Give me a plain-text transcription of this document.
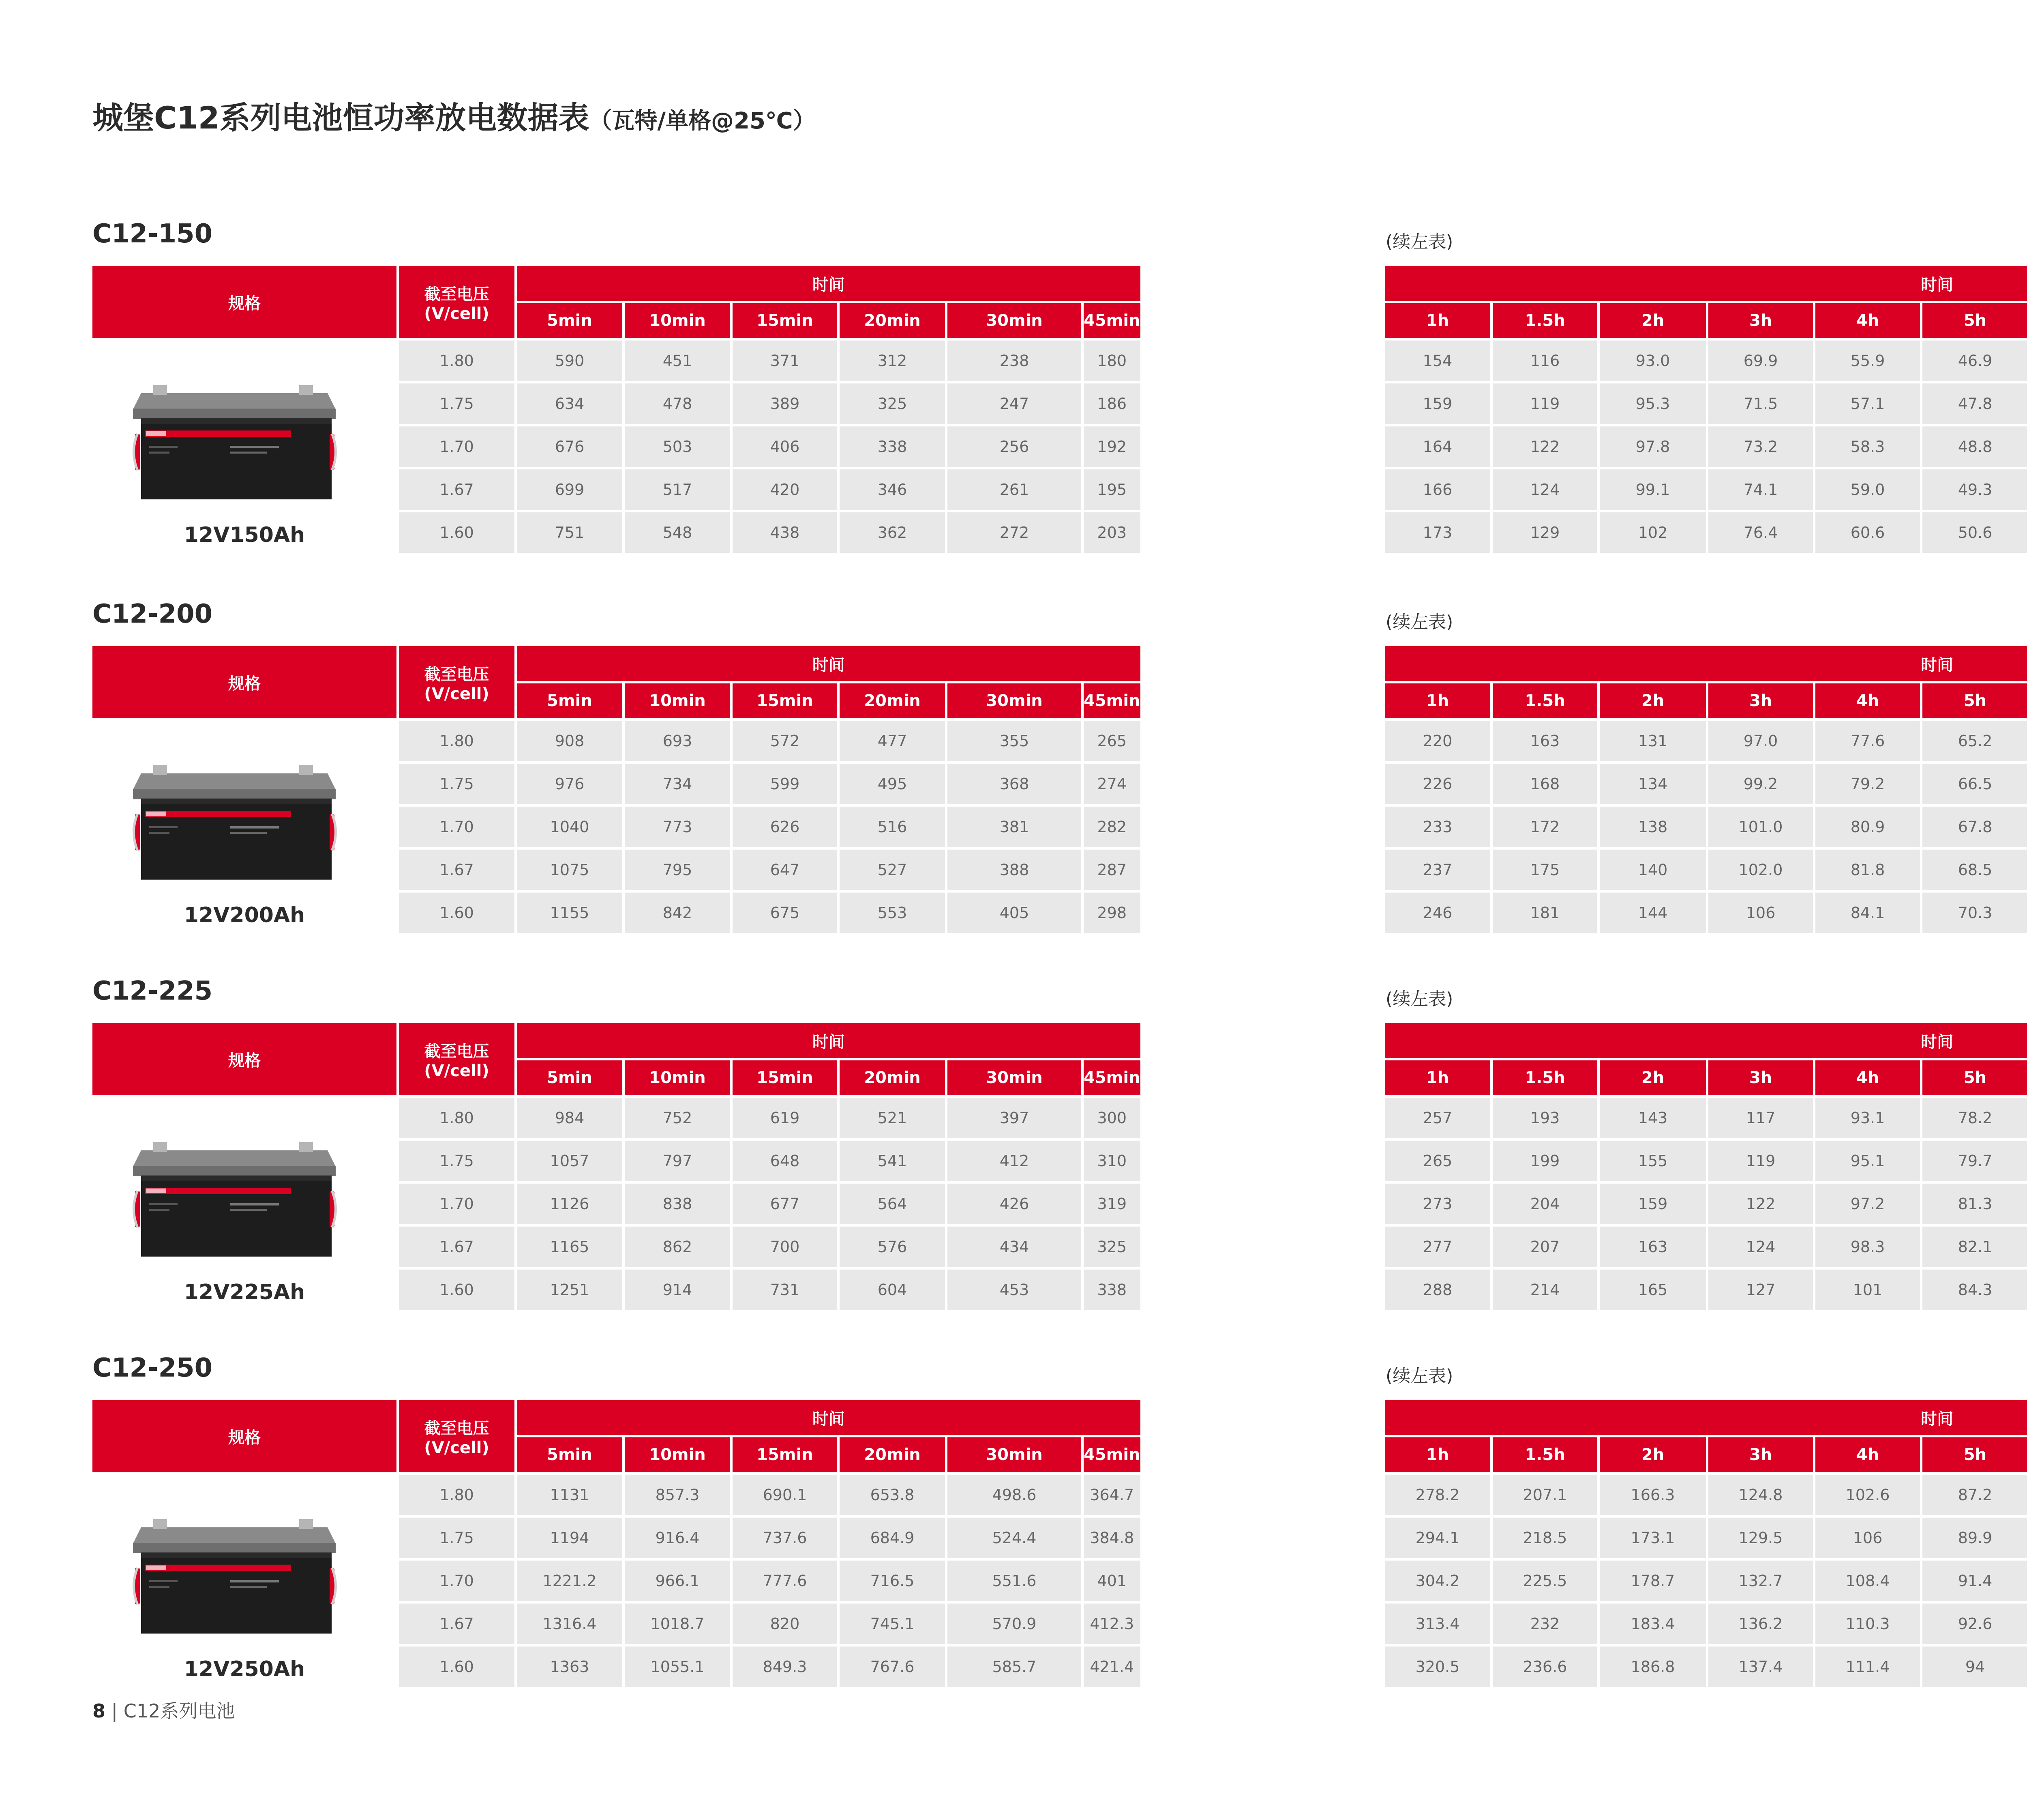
城堡C12系列电池恒功率放电数据表（瓦特/单格@25℃）
C12-150	(续左表)
规格	截至电压
(V/cell)	时间					
		5min	10min	15min	20min	30min	45min

12V150Ah	1.80	590	451	371	312	238	180
	1.75	634	478	389	325	247	186
	1.70	676	503	406	338	256	192
	1.67	699	517	420	346	261	195
	1.60	751	548	438	362	272	203
时间									
1h	1.5h	2h	3h	4h	5h				
154	116	93.0	69.9	55.9	46.9				
159	119	95.3	71.5	57.1	47.8				
164	122	97.8	73.2	58.3	48.8				
166	124	99.1	74.1	59.0	49.3				
173	129	102	76.4	60.6	50.6				
C12-200	(续左表)
规格	截至电压
(V/cell)	时间					
		5min	10min	15min	20min	30min	45min

12V200Ah	1.80	908	693	572	477	355	265
	1.75	976	734	599	495	368	274
	1.70	1040	773	626	516	381	282
	1.67	1075	795	647	527	388	287
	1.60	1155	842	675	553	405	298
时间									
1h	1.5h	2h	3h	4h	5h				
220	163	131	97.0	77.6	65.2				
226	168	134	99.2	79.2	66.5				
233	172	138	101.0	80.9	67.8				
237	175	140	102.0	81.8	68.5				
246	181	144	106	84.1	70.3				
C12-225	(续左表)
规格	截至电压
(V/cell)	时间					
		5min	10min	15min	20min	30min	45min

12V225Ah	1.80	984	752	619	521	397	300
	1.75	1057	797	648	541	412	310
	1.70	1126	838	677	564	426	319
	1.67	1165	862	700	576	434	325
	1.60	1251	914	731	604	453	338
时间									
1h	1.5h	2h	3h	4h	5h				
257	193	143	117	93.1	78.2				
265	199	155	119	95.1	79.7				
273	204	159	122	97.2	81.3				
277	207	163	124	98.3	82.1				
288	214	165	127	101	84.3				
C12-250	(续左表)
规格	截至电压
(V/cell)	时间					
		5min	10min	15min	20min	30min	45min

12V250Ah	1.80	1131	857.3	690.1	653.8	498.6	364.7
	1.75	1194	916.4	737.6	684.9	524.4	384.8
	1.70	1221.2	966.1	777.6	716.5	551.6	401
	1.67	1316.4	1018.7	820	745.1	570.9	412.3
	1.60	1363	1055.1	849.3	767.6	585.7	421.4
时间									
1h	1.5h	2h	3h	4h	5h				
278.2	207.1	166.3	124.8	102.6	87.2				
294.1	218.5	173.1	129.5	106	89.9				
304.2	225.5	178.7	132.7	108.4	91.4				
313.4	232	183.4	136.2	110.3	92.6				
320.5	236.6	186.8	137.4	111.4	94				
8 | C12系列电池
